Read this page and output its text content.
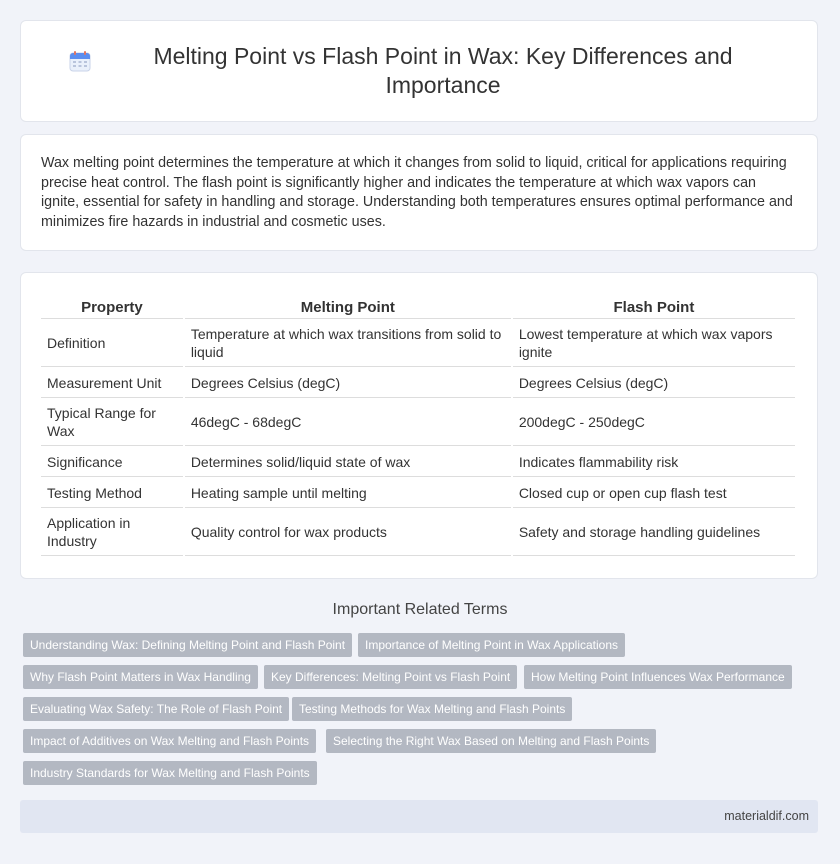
Melting Point vs Flash Point in Wax: Key Differences and Importance

Wax melting point determines the temperature at which it changes from solid to liquid, critical for applications requiring precise heat control. The flash point is significantly higher and indicates the temperature at which wax vapors can ignite, essential for safety in handling and storage. Understanding both temperatures ensures optimal performance and minimizes fire hazards in industrial and cosmetic uses.

Property	Melting Point	Flash Point
Definition	Temperature at which wax transitions from solid to liquid	Lowest temperature at which wax vapors ignite
Measurement Unit	Degrees Celsius (degC)	Degrees Celsius (degC)
Typical Range for Wax	46degC - 68degC	200degC - 250degC
Significance	Determines solid/liquid state of wax	Indicates flammability risk
Testing Method	Heating sample until melting	Closed cup or open cup flash test
Application in Industry	Quality control for wax products	Safety and storage handling guidelines
Important Related Terms
Understanding Wax: Defining Melting Point and Flash Point	Importance of Melting Point in Wax Applications
Why Flash Point Matters in Wax Handling	Key Differences: Melting Point vs Flash Point	How Melting Point Influences Wax Performance
Evaluating Wax Safety: The Role of Flash Point	Testing Methods for Wax Melting and Flash Points
Impact of Additives on Wax Melting and Flash Points	Selecting the Right Wax Based on Melting and Flash Points
Industry Standards for Wax Melting and Flash Points
materialdif.com
